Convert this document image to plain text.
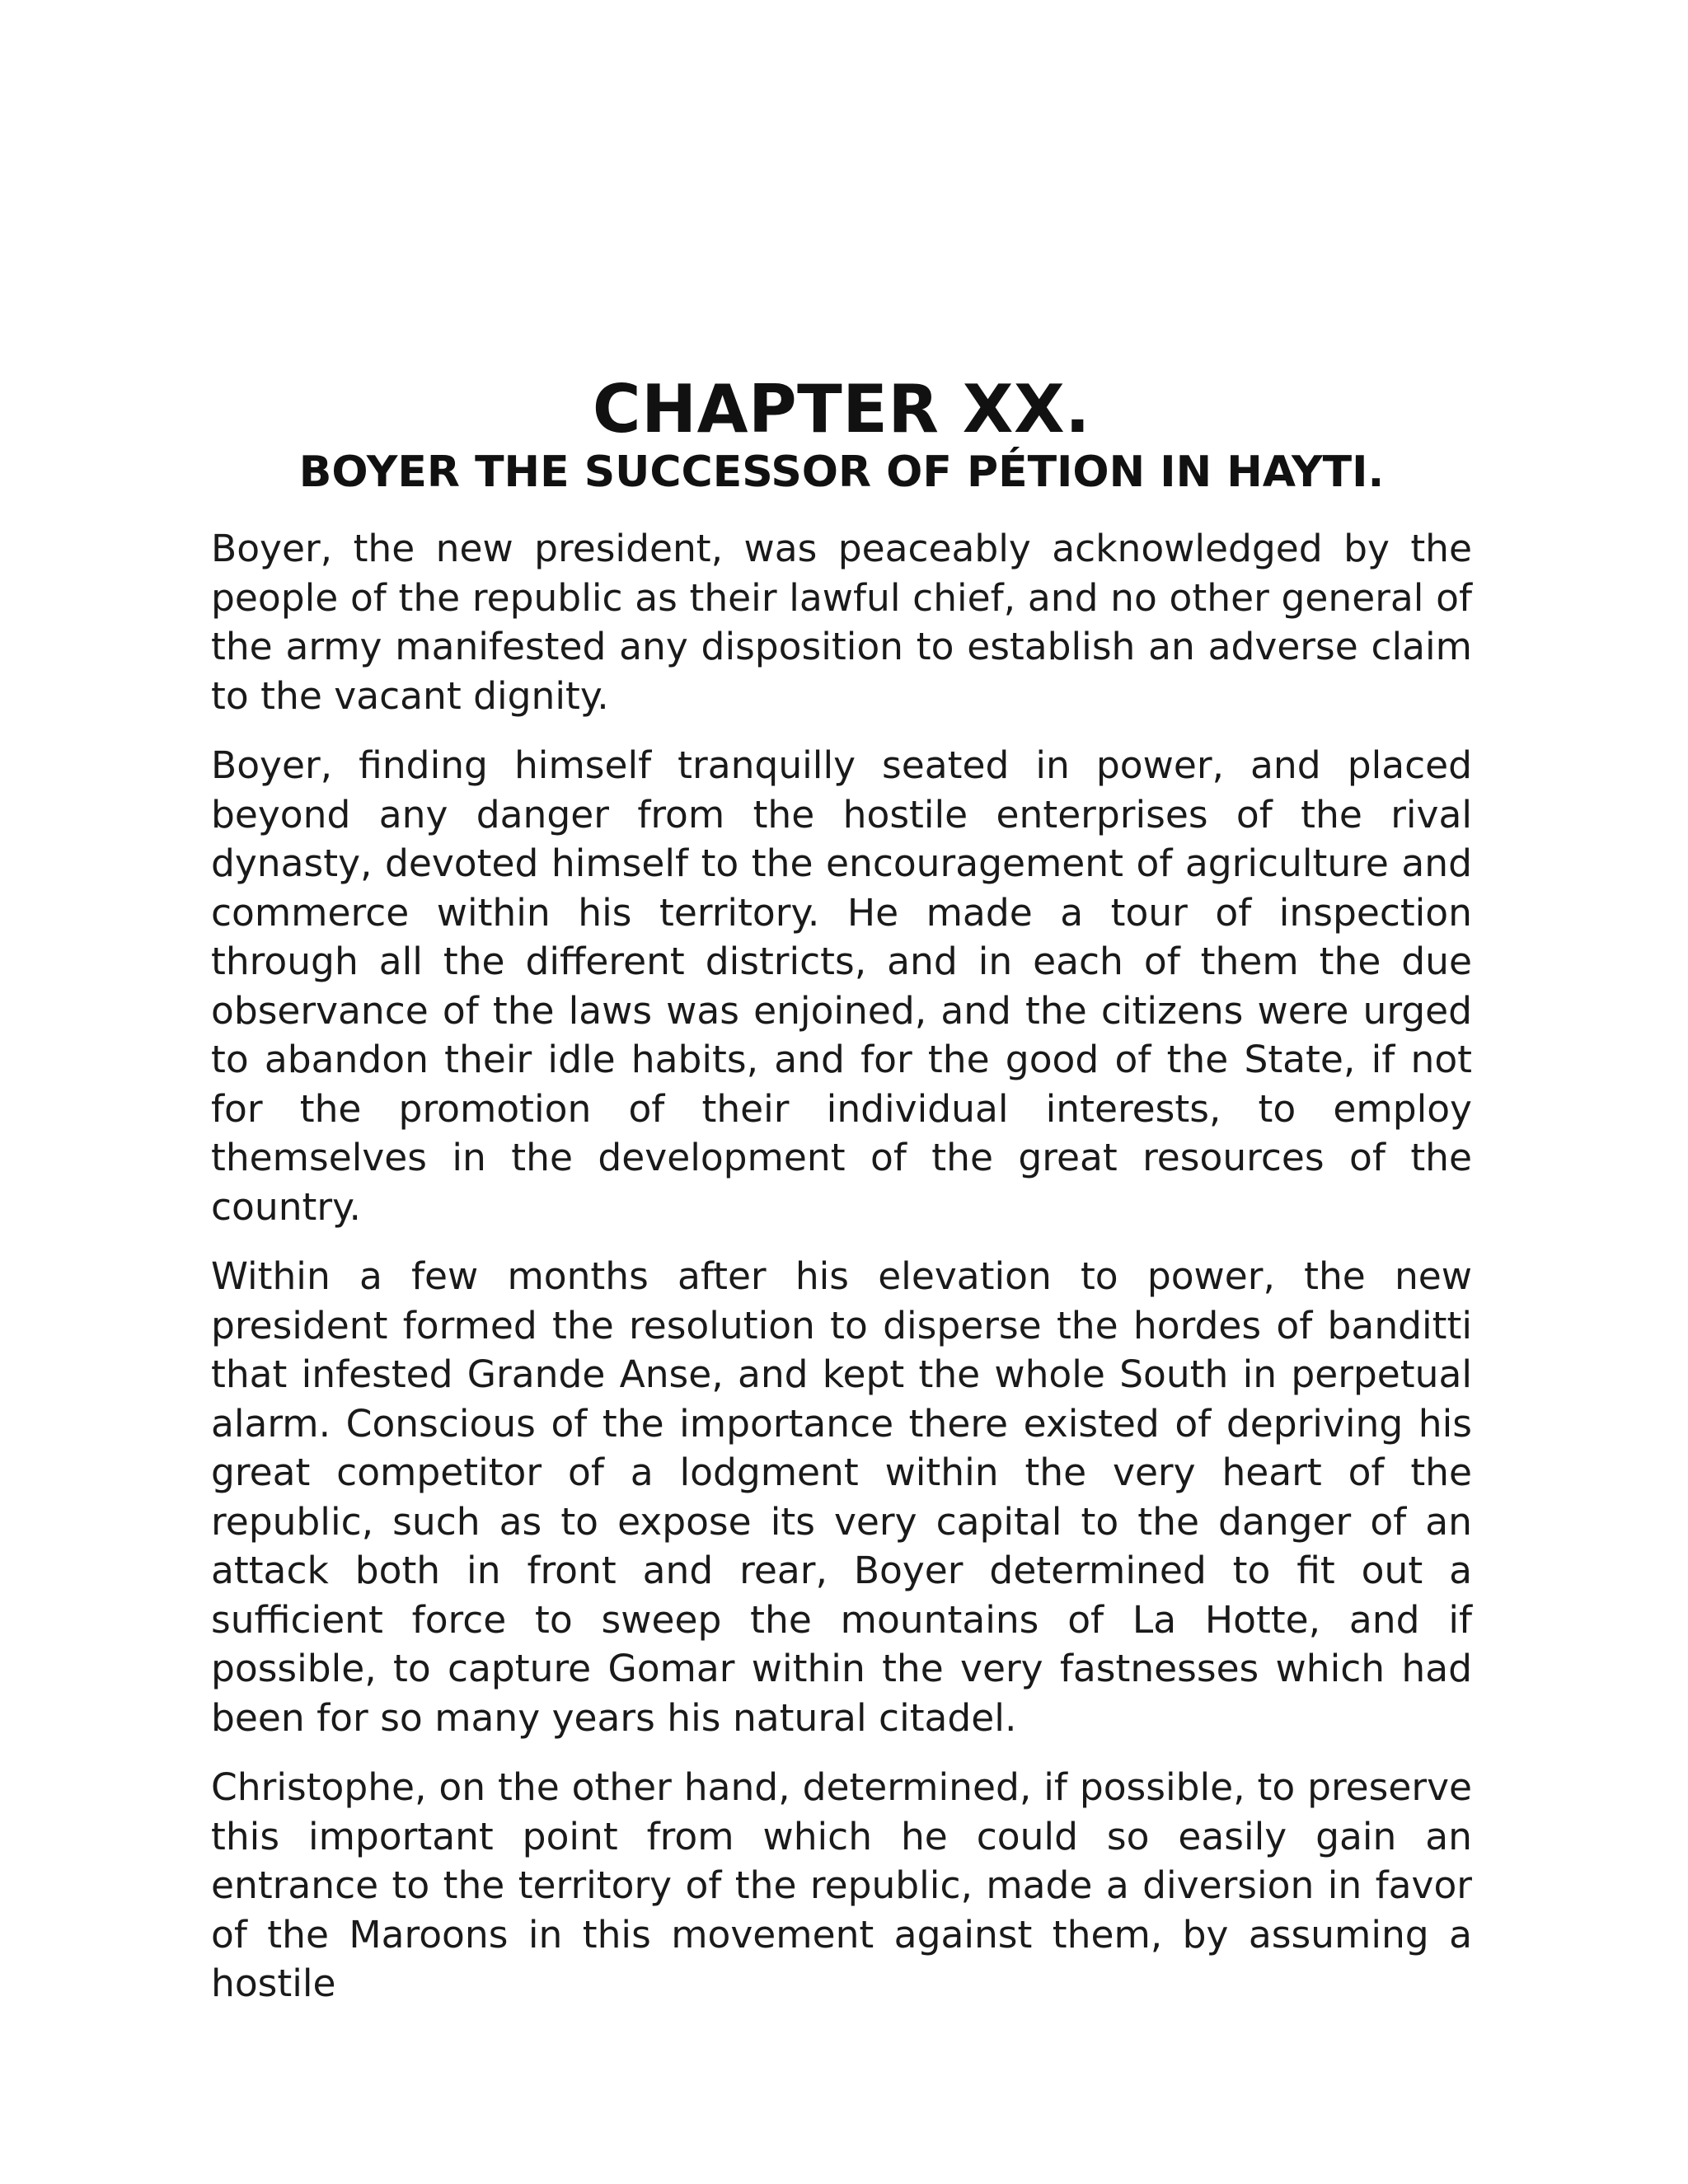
CHAPTER XX.
BOYER THE SUCCESSOR OF PÉTION IN HAYTI.

Boyer, the new president, was peaceably acknowledged by the people of the republic as their lawful chief, and no other general of the army manifested any disposition to establish an adverse claim to the vacant dignity.

Boyer, finding himself tranquilly seated in power, and placed beyond any danger from the hostile enterprises of the rival dynasty, devoted himself to the encouragement of agriculture and commerce within his territory. He made a tour of inspection through all the different districts, and in each of them the due observance of the laws was enjoined, and the citizens were urged to abandon their idle habits, and for the good of the State, if not for the promotion of their individual interests, to employ themselves in the development of the great resources of the country.

Within a few months after his elevation to power, the new president formed the resolution to disperse the hordes of banditti that infested Grande Anse, and kept the whole South in perpetual alarm. Conscious of the importance there existed of depriving his great competitor of a lodgment within the very heart of the republic, such as to expose its very capital to the danger of an attack both in front and rear, Boyer determined to fit out a sufficient force to sweep the mountains of La Hotte, and if possible, to capture Gomar within the very fastnesses which had been for so many years his natural citadel.

Christophe, on the other hand, determined, if possible, to preserve this important point from which he could so easily gain an entrance to the territory of the republic, made a diversion in favor of the Maroons in this movement against them, by assuming a hostile
